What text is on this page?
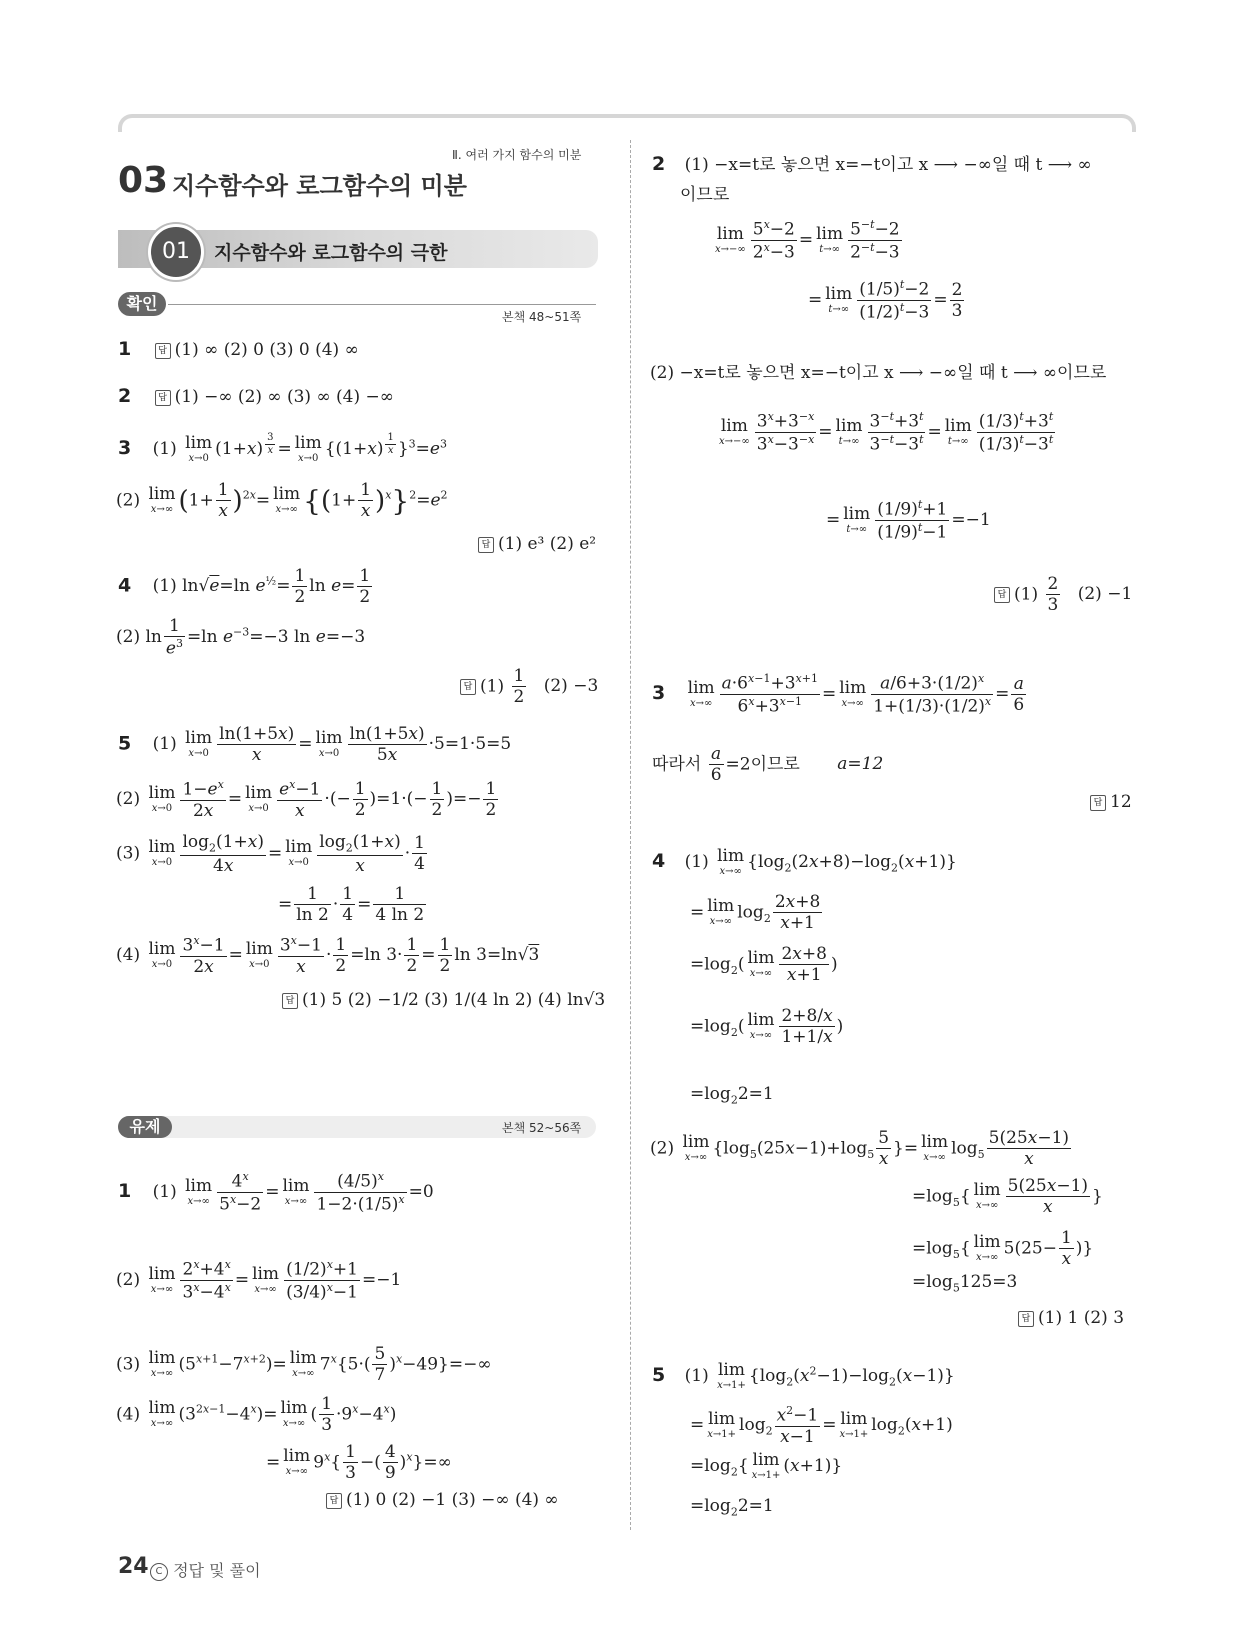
Ⅱ. 여러 가지 함수의 미분
03 지수함수와 로그함수의 미분
01	지수함수와 로그함수의 극한
확인
본책 48~51쪽
1	답 (1) ∞ (2) 0 (3) 0 (4) ∞
2	답 (1) −∞ (2) ∞ (3) ∞ (4) −∞
3 (1) lim
x→0 (1+x) $^{\frac{3}{x}}$ = lim
x→0 {(1+x) $^{\frac{1}{x}}$ }$^3=e^3$
(2) lim
x→∞ $(1+ \frac{1}{x} )^{2x}= \lim$
x→∞ $\{(1+ \frac{1}{x} )^x\}^2=e^2$
답 (1) e³ (2) e²
4 (1) ln√e=ln $e^{\frac{1}{2}}= \frac{1}{2}$ $\ln e= \frac{1}{2}$
(2) $\ln \frac{1}{e^3} =\ln$ $e^{-3}=-3$ ln e=−3
답 $(1) \frac{1}{2} (2) -3$
5 (1) lim
$x\to 0 \frac{\ln(1+5x)}{x} = \lim$
$x\to 0 \frac{\ln(1+5x)}{5x} \cdot 5=1\cdot 5=5$
(2) lim
$x\to 0 \frac{1-e^x}{2x} = \lim$
$x\to 0 \frac{e^x-1}{x}$ ·(− $\frac{1}{2} )=1\cdot(- \frac{1}{2}$ )=− $\frac{1}{2}$
(3) lim
$x\to 0 \frac{\log_2(1+x)}{4x} = \lim$
$x\to 0 \frac{\log_2(1+x)}{x} \cdot \frac{1}{4}$
= $\frac{1}{\ln 2} \cdot \frac{1}{4} = \frac{1}{4 \ln 2}$
(4) lim
$x\to 0 \frac{3^x-1}{2x} = \lim$
$x\to 0 \frac{3^x-1}{x} \cdot \frac{1}{2} =\ln$ $3\cdot \frac{1}{2} = \frac{1}{2}$ ln 3=ln√3
답 (1) 5 (2) −1/2 (3) 1/(4 ln 2) (4) ln√3
유제	본책 52~56쪽
1 (1) lim
$x\to\infty \frac{4^x}{5^x-2} = \lim$
$x\to\infty \frac{(4/5)^x}{1-2\cdot(1/5)^x} =0$
(2) lim
$x\to\infty \frac{2^x+4^x}{3^x-4^x} = \lim$
$x\to\infty \frac{(1/2)^x+1}{(3/4)^x-1} =-1$
(3) lim
x→∞ $(5^{x+1}-7^{x+2})= \lim$
x→∞ $7^x\{5\cdot( \frac{5}{7} )^x-49\}=-\infty$
(4) lim
x→∞ $(3^{2x-1}-4^x)= \lim$
x→∞ ( $\frac{1}{3} \cdot 9^x-4^x$)
= lim
x→∞ $9^x\{ \frac{1}{3}$ −( $\frac{4}{9} )^x\}=\infty$
답 (1) 0 (2) −1 (3) −∞ (4) ∞
24 C 정답 및 풀이
2 (1) −x=t로 놓으면 x=−t이고 x ⟶ −∞일 때 t ⟶ ∞
이므로
lim
$x\to-\infty \frac{5^x-2}{2^x-3} = \lim$
$t\to\infty \frac{5^{-t}-2}{2^{-t}-3}$
= lim
$t\to\infty \frac{(1/5)^t-2}{(1/2)^t-3} = \frac{2}{3}$
(2) −x=t로 놓으면 x=−t이고 x ⟶ −∞일 때 t ⟶ ∞이므로
lim
$x\to-\infty \frac{3^x+3^{-x}}{3^x-3^{-x}} = \lim$
$t\to\infty \frac{3^{-t}+3^t}{3^{-t}-3^t} = \lim$
$t\to\infty \frac{(1/3)^t+3^t}{(1/3)^t-3^t}$
= lim
$t\to\infty \frac{(1/9)^t+1}{(1/9)^t-1} =-1$
답 $(1) \frac{2}{3} (2) -1$
3 lim
$x\to\infty \frac{a\cdot 6^{x-1}+3^{x+1}}{6^x+3^{x-1}} = \lim$
$x\to\infty \frac{a/6+3\cdot(1/2)^x}{1+(1/3)\cdot(1/2)^x} = \frac{a}{6}$
따라서 $\frac{a}{6} =2$이므로 a=12
답 12
4 (1) lim
x→∞ $\{\log_2(2x+8)-\log_2(x+1)\}$
= lim
x→∞ $\log_2 \frac{2x+8}{x+1}$
$=\log_2$( lim
$x\to\infty \frac{2x+8}{x+1}$ )
$=\log_2$( lim
$x\to\infty \frac{2+8/x}{1+1/x}$ )
$=\log_22=1$
(2) lim
x→∞ {$\log_5(25x-1)+\log_5 \frac{5}{x}$ }= lim
x→∞ $\log_5 \frac{5(25x-1)}{x}$
$=\log_5${ lim
$x\to\infty \frac{5(25x-1)}{x}$ }
$=\log_5${ lim
x→∞ $5(25- \frac{1}{x}$ )}
$=\log_5125=3$
답 (1) 1 (2) 3
5 (1) lim
$x\to 1+ \{\log_2(x^2-1)-\log_2(x-1)\}$
= lim
$x\to 1+ \log_2 \frac{x^2-1}{x-1} = \lim$
$x\to 1+ \log_2(x+1)$
$=\log_2${ lim
x→1+ (x+1)}
$=\log_22=1$
